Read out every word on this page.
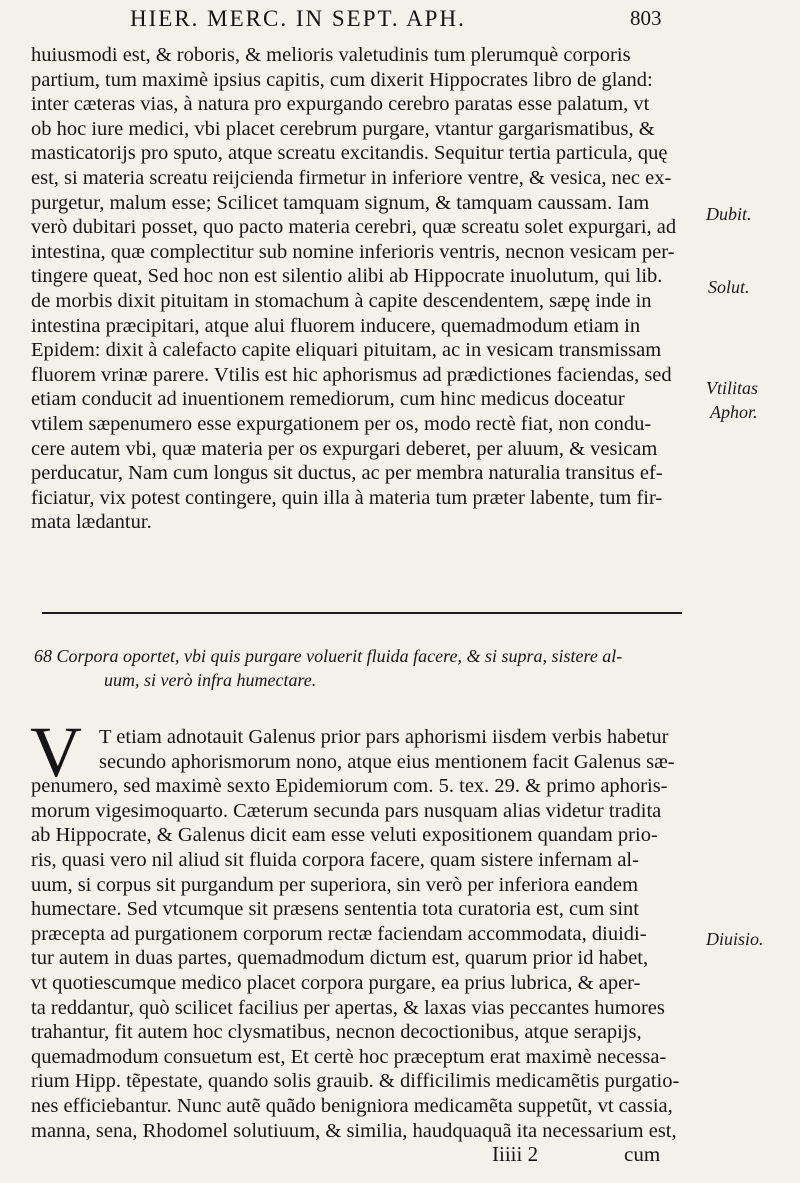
HIER. MERC. IN SEPT. APH.	803
huiusmodi est, & roboris, & melioris valetudinis tum plerumquè corporis
partium, tum maximè ipsius capitis, cum dixerit Hippocrates libro de gland:
inter cæteras vias, à natura pro expurgando cerebro paratas esse palatum, vt
ob hoc iure medici, vbi placet cerebrum purgare, vtantur gargarismatibus, &
masticatorijs pro sputo, atque screatu excitandis. Sequitur tertia particula, quę
est, si materia screatu reijcienda firmetur in inferiore ventre, & vesica, nec ex-
purgetur, malum esse; Scilicet tamquam signum, & tamquam caussam. Iam
verò dubitari posset, quo pacto materia cerebri, quæ screatu solet expurgari, ad
intestina, quæ complectitur sub nomine inferioris ventris, necnon vesicam per-
tingere queat, Sed hoc non est silentio alibi ab Hippocrate inuolutum, qui lib.
de morbis dixit pituitam in stomachum à capite descendentem, sæpę inde in
intestina præcipitari, atque alui fluorem inducere, quemadmodum etiam in
Epidem: dixit à calefacto capite eliquari pituitam, ac in vesicam transmissam
fluorem vrinæ parere. Vtilis est hic aphorismus ad prædictiones faciendas, sed
etiam conducit ad inuentionem remediorum, cum hinc medicus doceatur
vtilem sæpenumero esse expurgationem per os, modo rectè fiat, non condu-
cere autem vbi, quæ materia per os expurgari deberet, per aluum, & vesicam
perducatur, Nam cum longus sit ductus, ac per membra naturalia transitus ef-
ficiatur, vix potest contingere, quin illa à materia tum præter labente, tum fir-
mata lædantur.
68 Corpora oportet, vbi quis purgare voluerit fluida facere, & si supra, sistere al-
uum, si verò infra humectare.
V T etiam adnotauit Galenus prior pars aphorismi iisdem verbis habetur
secundo aphorismorum nono, atque eius mentionem facit Galenus sæ-
penumero, sed maximè sexto Epidemiorum com. 5. tex. 29. & primo aphoris-
morum vigesimoquarto. Cæterum secunda pars nusquam alias videtur tradita
ab Hippocrate, & Galenus dicit eam esse veluti expositionem quandam prio-
ris, quasi vero nil aliud sit fluida corpora facere, quam sistere infernam al-
uum, si corpus sit purgandum per superiora, sin verò per inferiora eandem
humectare. Sed vtcumque sit præsens sententia tota curatoria est, cum sint
præcepta ad purgationem corporum rectæ faciendam accommodata, diuidi-
tur autem in duas partes, quemadmodum dictum est, quarum prior id habet,
vt quotiescumque medico placet corpora purgare, ea prius lubrica, & aper-
ta reddantur, quò scilicet facilius per apertas, & laxas vias peccantes humores
trahantur, fit autem hoc clysmatibus, necnon decoctionibus, atque serapijs,
quemadmodum consuetum est, Et certè hoc præceptum erat maximè necessa-
rium Hipp. tẽpestate, quando solis grauib. & difficilimis medicamẽtis purgatio-
nes efficiebantur. Nunc autẽ quãdo benigniora medicamẽta suppetũt, vt cassia,
manna, sena, Rhodomel solutiuum, & similia, haudquaquã ita necessarium est,
Dubit.
Solut.
Vtilitas
Aphor.
Diuisio.
Iiiii 2	cum
